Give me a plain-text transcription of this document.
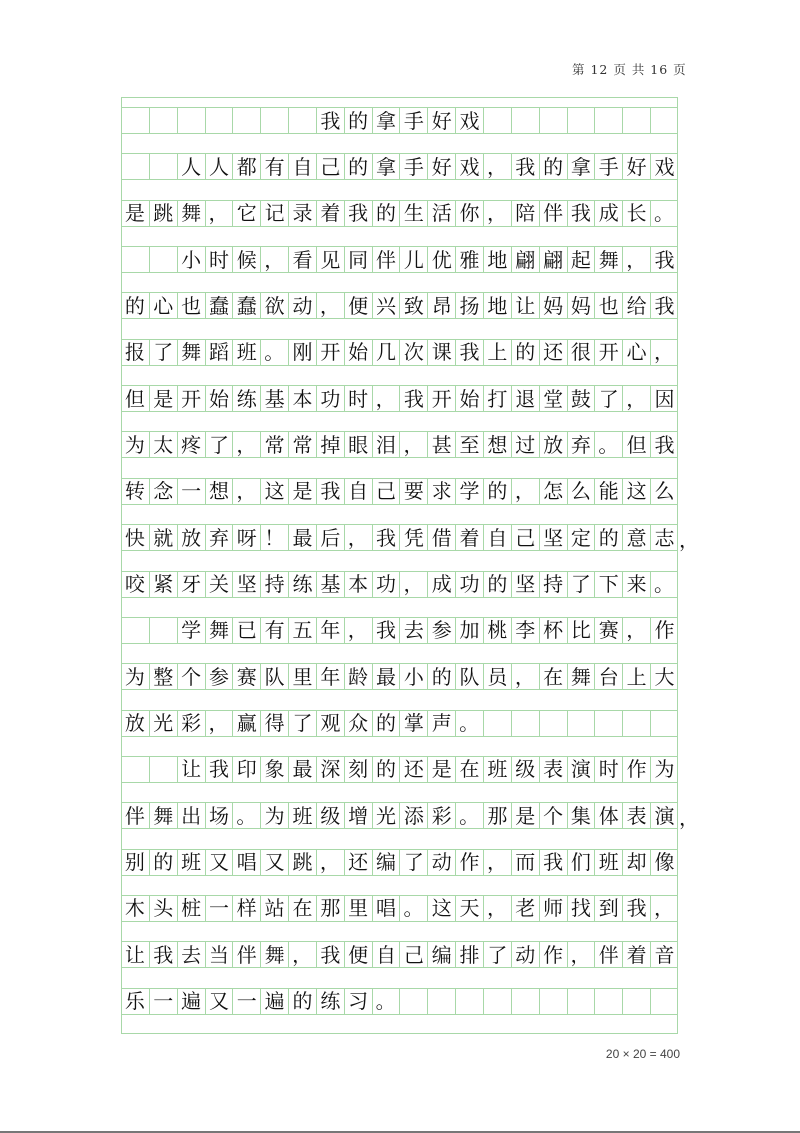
第 12 页 共 16 页
我 的 拿 手 好 戏
人 人 都 有 自 己 的 拿 手 好 戏 ， 我 的 拿 手 好 戏
是 跳 舞 ， 它 记 录 着 我 的 生 活 你 ， 陪 伴 我 成 长 。
小 时 候 ， 看 见 同 伴 儿 优 雅 地 翩 翩 起 舞 ， 我
的 心 也 蠢 蠢 欲 动 ， 便 兴 致 昂 扬 地 让 妈 妈 也 给 我
报 了 舞 蹈 班 。 刚 开 始 几 次 课 我 上 的 还 很 开 心 ，
但 是 开 始 练 基 本 功 时 ， 我 开 始 打 退 堂 鼓 了 ， 因
为 太 疼 了 ， 常 常 掉 眼 泪 ， 甚 至 想 过 放 弃 。 但 我
转 念 一 想 ， 这 是 我 自 己 要 求 学 的 ， 怎 么 能 这 么
快 就 放 弃 呀 ！ 最 后 ， 我 凭 借 着 自 己 坚 定 的 意 志 ，
咬 紧 牙 关 坚 持 练 基 本 功 ， 成 功 的 坚 持 了 下 来 。
学 舞 已 有 五 年 ， 我 去 参 加 桃 李 杯 比 赛 ， 作
为 整 个 参 赛 队 里 年 龄 最 小 的 队 员 ， 在 舞 台 上 大
放 光 彩 ， 赢 得 了 观 众 的 掌 声 。
让 我 印 象 最 深 刻 的 还 是 在 班 级 表 演 时 作 为
伴 舞 出 场 。 为 班 级 增 光 添 彩 。 那 是 个 集 体 表 演 ，
别 的 班 又 唱 又 跳 ， 还 编 了 动 作 ， 而 我 们 班 却 像
木 头 桩 一 样 站 在 那 里 唱 。 这 天 ， 老 师 找 到 我 ，
让 我 去 当 伴 舞 ， 我 便 自 己 编 排 了 动 作 ， 伴 着 音
乐 一 遍 又 一 遍 的 练 习 。
20 × 20 = 400
